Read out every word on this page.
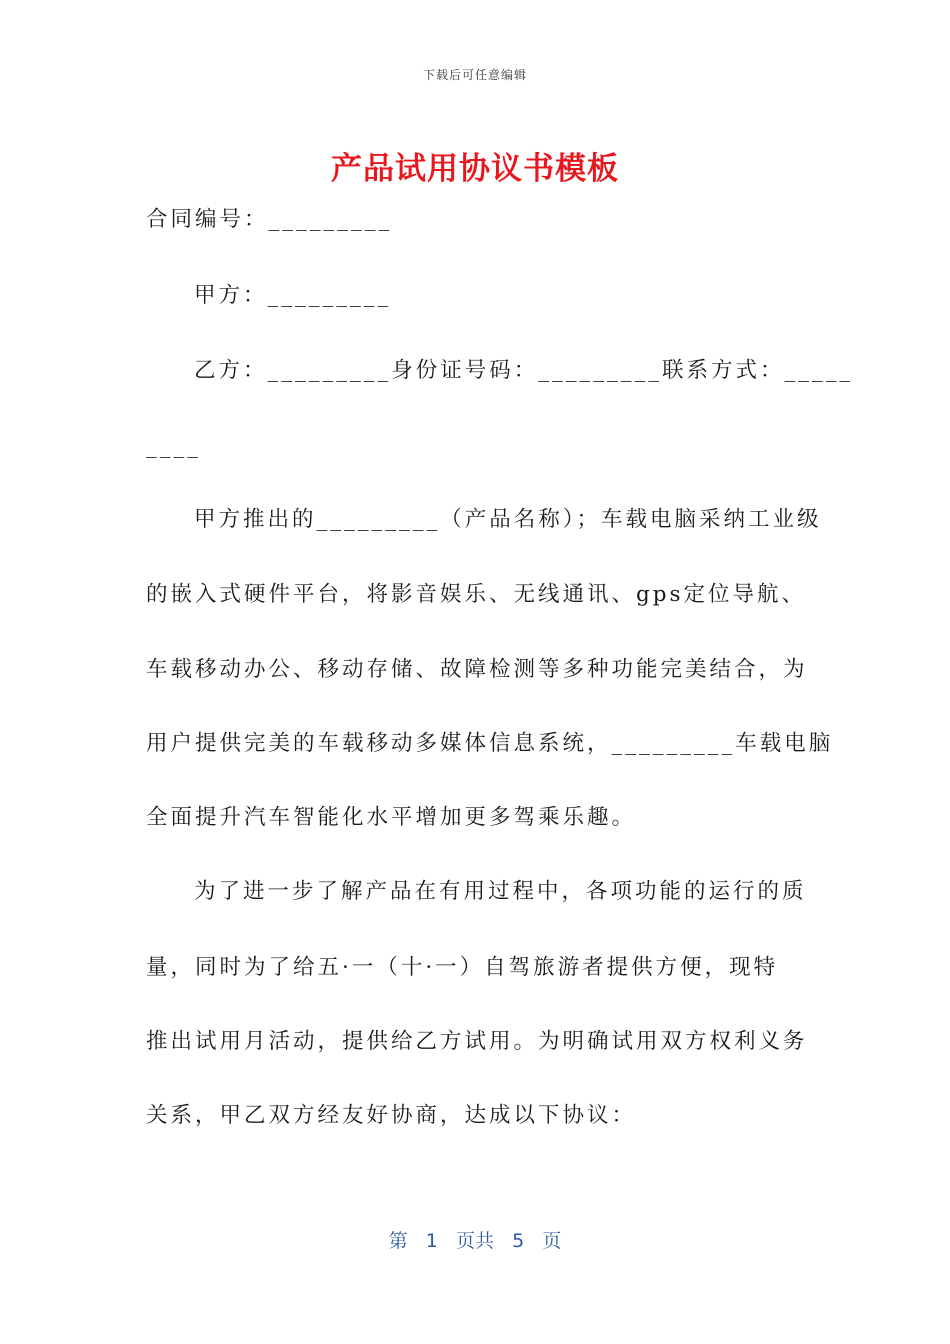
下载后可任意编辑
产品试用协议书模板
合同编号：_________
甲方：_________
乙方：_________身份证号码：_________联系方式：_____
____
甲方推出的_________（产品名称）；车载电脑采纳工业级
的嵌入式硬件平台，将影音娱乐、无线通讯、gps定位导航、
车载移动办公、移动存储、故障检测等多种功能完美结合，为
用户提供完美的车载移动多媒体信息系统，_________车载电脑
全面提升汽车智能化水平增加更多驾乘乐趣。
为了进一步了解产品在有用过程中，各项功能的运行的质
量，同时为了给五·一（十·一）自驾旅游者提供方便，现特
推出试用月活动，提供给乙方试用。为明确试用双方权利义务
关系，甲乙双方经友好协商，达成以下协议：
第 1 页共 5 页
